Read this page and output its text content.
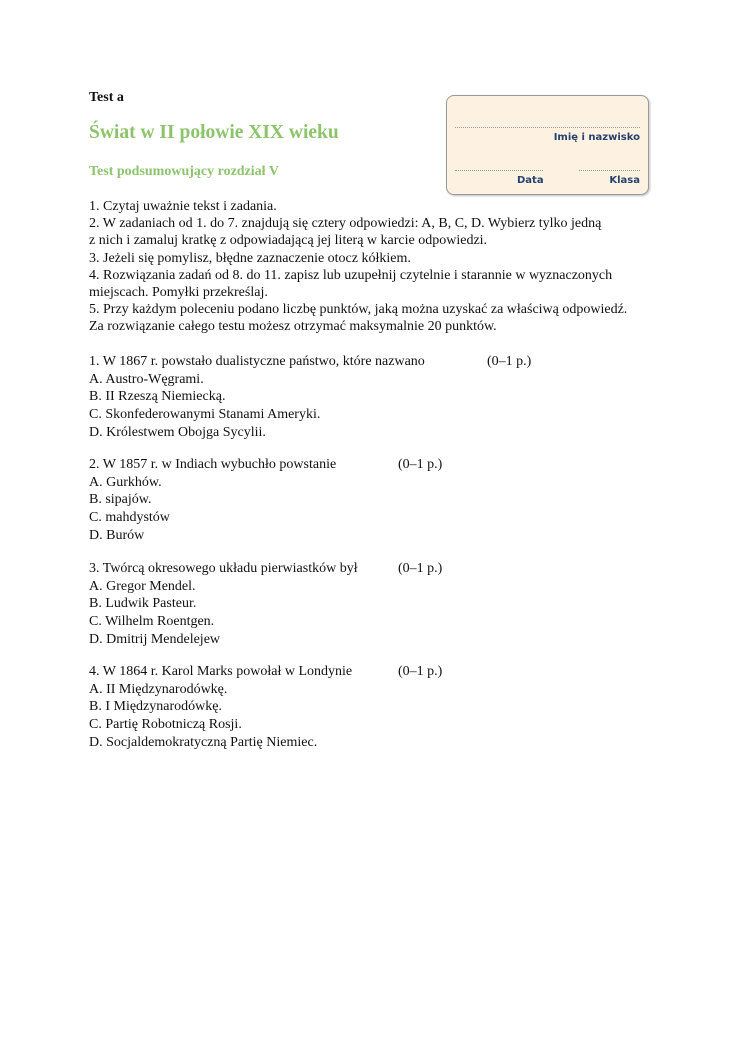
Test a
Świat w II połowie XIX wieku
Test podsumowujący rozdział V
Imię i nazwisko
Data	Klasa
1. Czytaj uważnie tekst i zadania.
2. W zadaniach od 1. do 7. znajdują się cztery odpowiedzi: A, B, C, D. Wybierz tylko jedną
z nich i zamaluj kratkę z odpowiadającą jej literą w karcie odpowiedzi.
3. Jeżeli się pomylisz, błędne zaznaczenie otocz kółkiem.
4. Rozwiązania zadań od 8. do 11. zapisz lub uzupełnij czytelnie i starannie w wyznaczonych
miejscach. Pomyłki przekreślaj.
5. Przy każdym poleceniu podano liczbę punktów, jaką można uzyskać za właściwą odpowiedź.
Za rozwiązanie całego testu możesz otrzymać maksymalnie 20 punktów.
1. W 1867 r. powstało dualistyczne państwo, które nazwano	(0–1 p.)
A. Austro-Węgrami.
B. II Rzeszą Niemiecką.
C. Skonfederowanymi Stanami Ameryki.
D. Królestwem Obojga Sycylii.
2. W 1857 r. w Indiach wybuchło powstanie	(0–1 p.)
A. Gurkhów.
B. sipajów.
C. mahdystów
D. Burów
3. Twórcą okresowego układu pierwiastków był	(0–1 p.)
A. Gregor Mendel.
B. Ludwik Pasteur.
C. Wilhelm Roentgen.
D. Dmitrij Mendelejew
4. W 1864 r. Karol Marks powołał w Londynie	(0–1 p.)
A. II Międzynarodówkę.
B. I Międzynarodówkę.
C. Partię Robotniczą Rosji.
D. Socjaldemokratyczną Partię Niemiec.
